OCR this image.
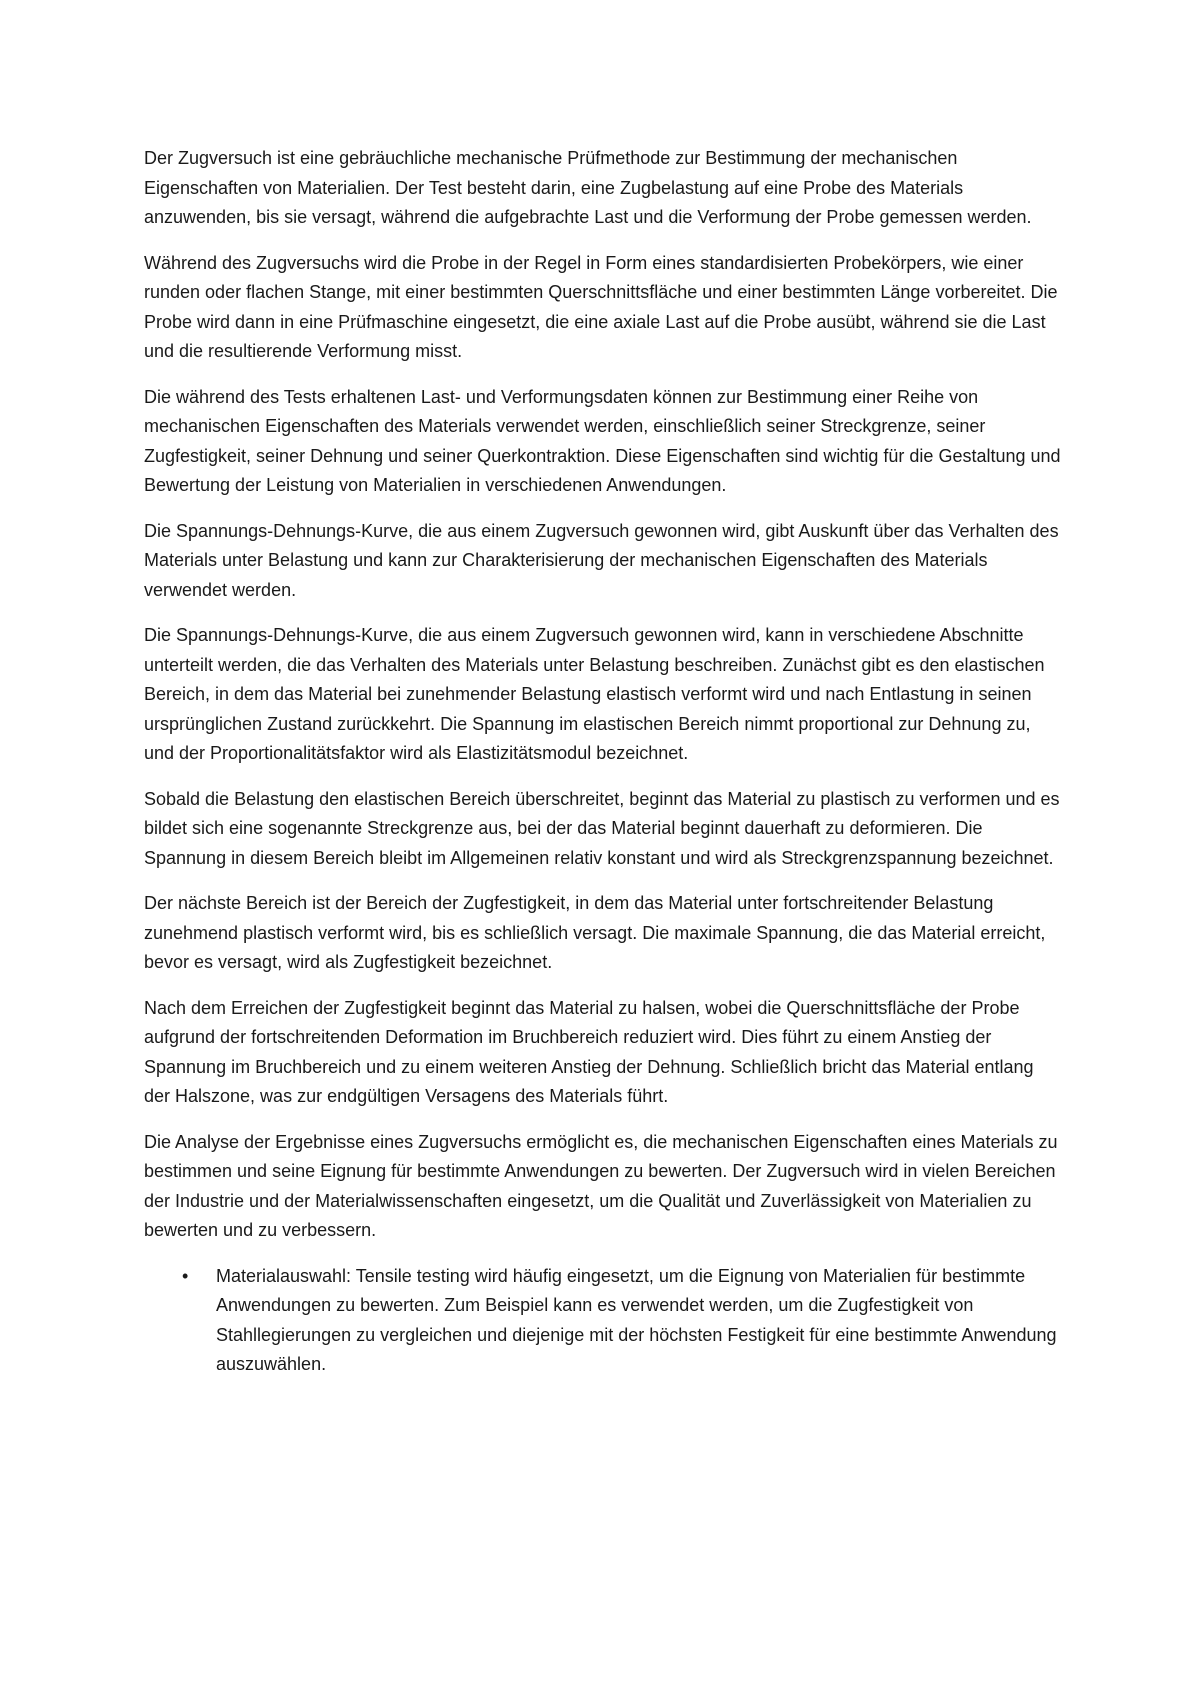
Der Zugversuch ist eine gebräuchliche mechanische Prüfmethode zur Bestimmung der mechanischen Eigenschaften von Materialien. Der Test besteht darin, eine Zugbelastung auf eine Probe des Materials anzuwenden, bis sie versagt, während die aufgebrachte Last und die Verformung der Probe gemessen werden.

Während des Zugversuchs wird die Probe in der Regel in Form eines standardisierten Probekörpers, wie einer runden oder flachen Stange, mit einer bestimmten Querschnittsfläche und einer bestimmten Länge vorbereitet. Die Probe wird dann in eine Prüfmaschine eingesetzt, die eine axiale Last auf die Probe ausübt, während sie die Last und die resultierende Verformung misst.

Die während des Tests erhaltenen Last- und Verformungsdaten können zur Bestimmung einer Reihe von mechanischen Eigenschaften des Materials verwendet werden, einschließlich seiner Streckgrenze, seiner Zugfestigkeit, seiner Dehnung und seiner Querkontraktion. Diese Eigenschaften sind wichtig für die Gestaltung und Bewertung der Leistung von Materialien in verschiedenen Anwendungen.

Die Spannungs-Dehnungs-Kurve, die aus einem Zugversuch gewonnen wird, gibt Auskunft über das Verhalten des Materials unter Belastung und kann zur Charakterisierung der mechanischen Eigenschaften des Materials verwendet werden.

Die Spannungs-Dehnungs-Kurve, die aus einem Zugversuch gewonnen wird, kann in verschiedene Abschnitte unterteilt werden, die das Verhalten des Materials unter Belastung beschreiben. Zunächst gibt es den elastischen Bereich, in dem das Material bei zunehmender Belastung elastisch verformt wird und nach Entlastung in seinen ursprünglichen Zustand zurückkehrt. Die Spannung im elastischen Bereich nimmt proportional zur Dehnung zu, und der Proportionalitätsfaktor wird als Elastizitätsmodul bezeichnet.

Sobald die Belastung den elastischen Bereich überschreitet, beginnt das Material zu plastisch zu verformen und es bildet sich eine sogenannte Streckgrenze aus, bei der das Material beginnt dauerhaft zu deformieren. Die Spannung in diesem Bereich bleibt im Allgemeinen relativ konstant und wird als Streckgrenzspannung bezeichnet.

Der nächste Bereich ist der Bereich der Zugfestigkeit, in dem das Material unter fortschreitender Belastung zunehmend plastisch verformt wird, bis es schließlich versagt. Die maximale Spannung, die das Material erreicht, bevor es versagt, wird als Zugfestigkeit bezeichnet.

Nach dem Erreichen der Zugfestigkeit beginnt das Material zu halsen, wobei die Querschnittsfläche der Probe aufgrund der fortschreitenden Deformation im Bruchbereich reduziert wird. Dies führt zu einem Anstieg der Spannung im Bruchbereich und zu einem weiteren Anstieg der Dehnung. Schließlich bricht das Material entlang der Halszone, was zur endgültigen Versagens des Materials führt.

Die Analyse der Ergebnisse eines Zugversuchs ermöglicht es, die mechanischen Eigenschaften eines Materials zu bestimmen und seine Eignung für bestimmte Anwendungen zu bewerten. Der Zugversuch wird in vielen Bereichen der Industrie und der Materialwissenschaften eingesetzt, um die Qualität und Zuverlässigkeit von Materialien zu bewerten und zu verbessern.

• Materialauswahl: Tensile testing wird häufig eingesetzt, um die Eignung von Materialien für bestimmte Anwendungen zu bewerten. Zum Beispiel kann es verwendet werden, um die Zugfestigkeit von Stahllegierungen zu vergleichen und diejenige mit der höchsten Festigkeit für eine bestimmte Anwendung auszuwählen.
